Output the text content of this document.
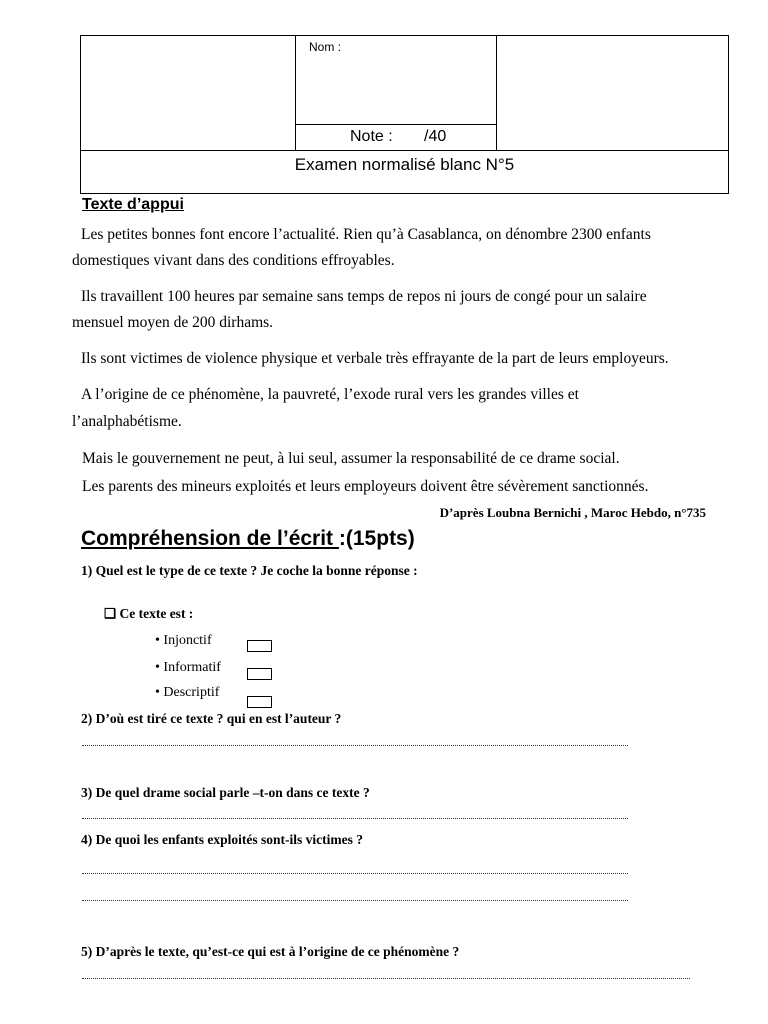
Nom :
Note : /40
Examen normalisé blanc N°5
Texte d’appui
Les petites bonnes font encore l’actualité. Rien qu’à Casablanca, on dénombre 2300 enfants
domestiques vivant dans des conditions effroyables.
Ils travaillent 100 heures par semaine sans temps de repos ni jours de congé pour un salaire
mensuel moyen de 200 dirhams.
Ils sont victimes de violence physique et verbale très effrayante de la part de leurs employeurs.
A l’origine de ce phénomène, la pauvreté, l’exode rural vers les grandes villes et
l’analphabétisme.
Mais le gouvernement ne peut, à lui seul, assumer la responsabilité de ce drame social.
Les parents des mineurs exploités et leurs employeurs doivent être sévèrement sanctionnés.
D’après Loubna Bernichi , Maroc Hebdo, n°735
Compréhension de l’écrit :(15pts)
1) Quel est le type de ce texte ? Je coche la bonne réponse :
❑ Ce texte est :
• Injonctif
• Informatif
• Descriptif
2) D’où est tiré ce texte ? qui en est l’auteur ?
3) De quel drame social parle –t-on dans ce texte ?
4) De quoi les enfants exploités sont-ils victimes ?
5) D’après le texte, qu’est-ce qui est à l’origine de ce phénomène ?
